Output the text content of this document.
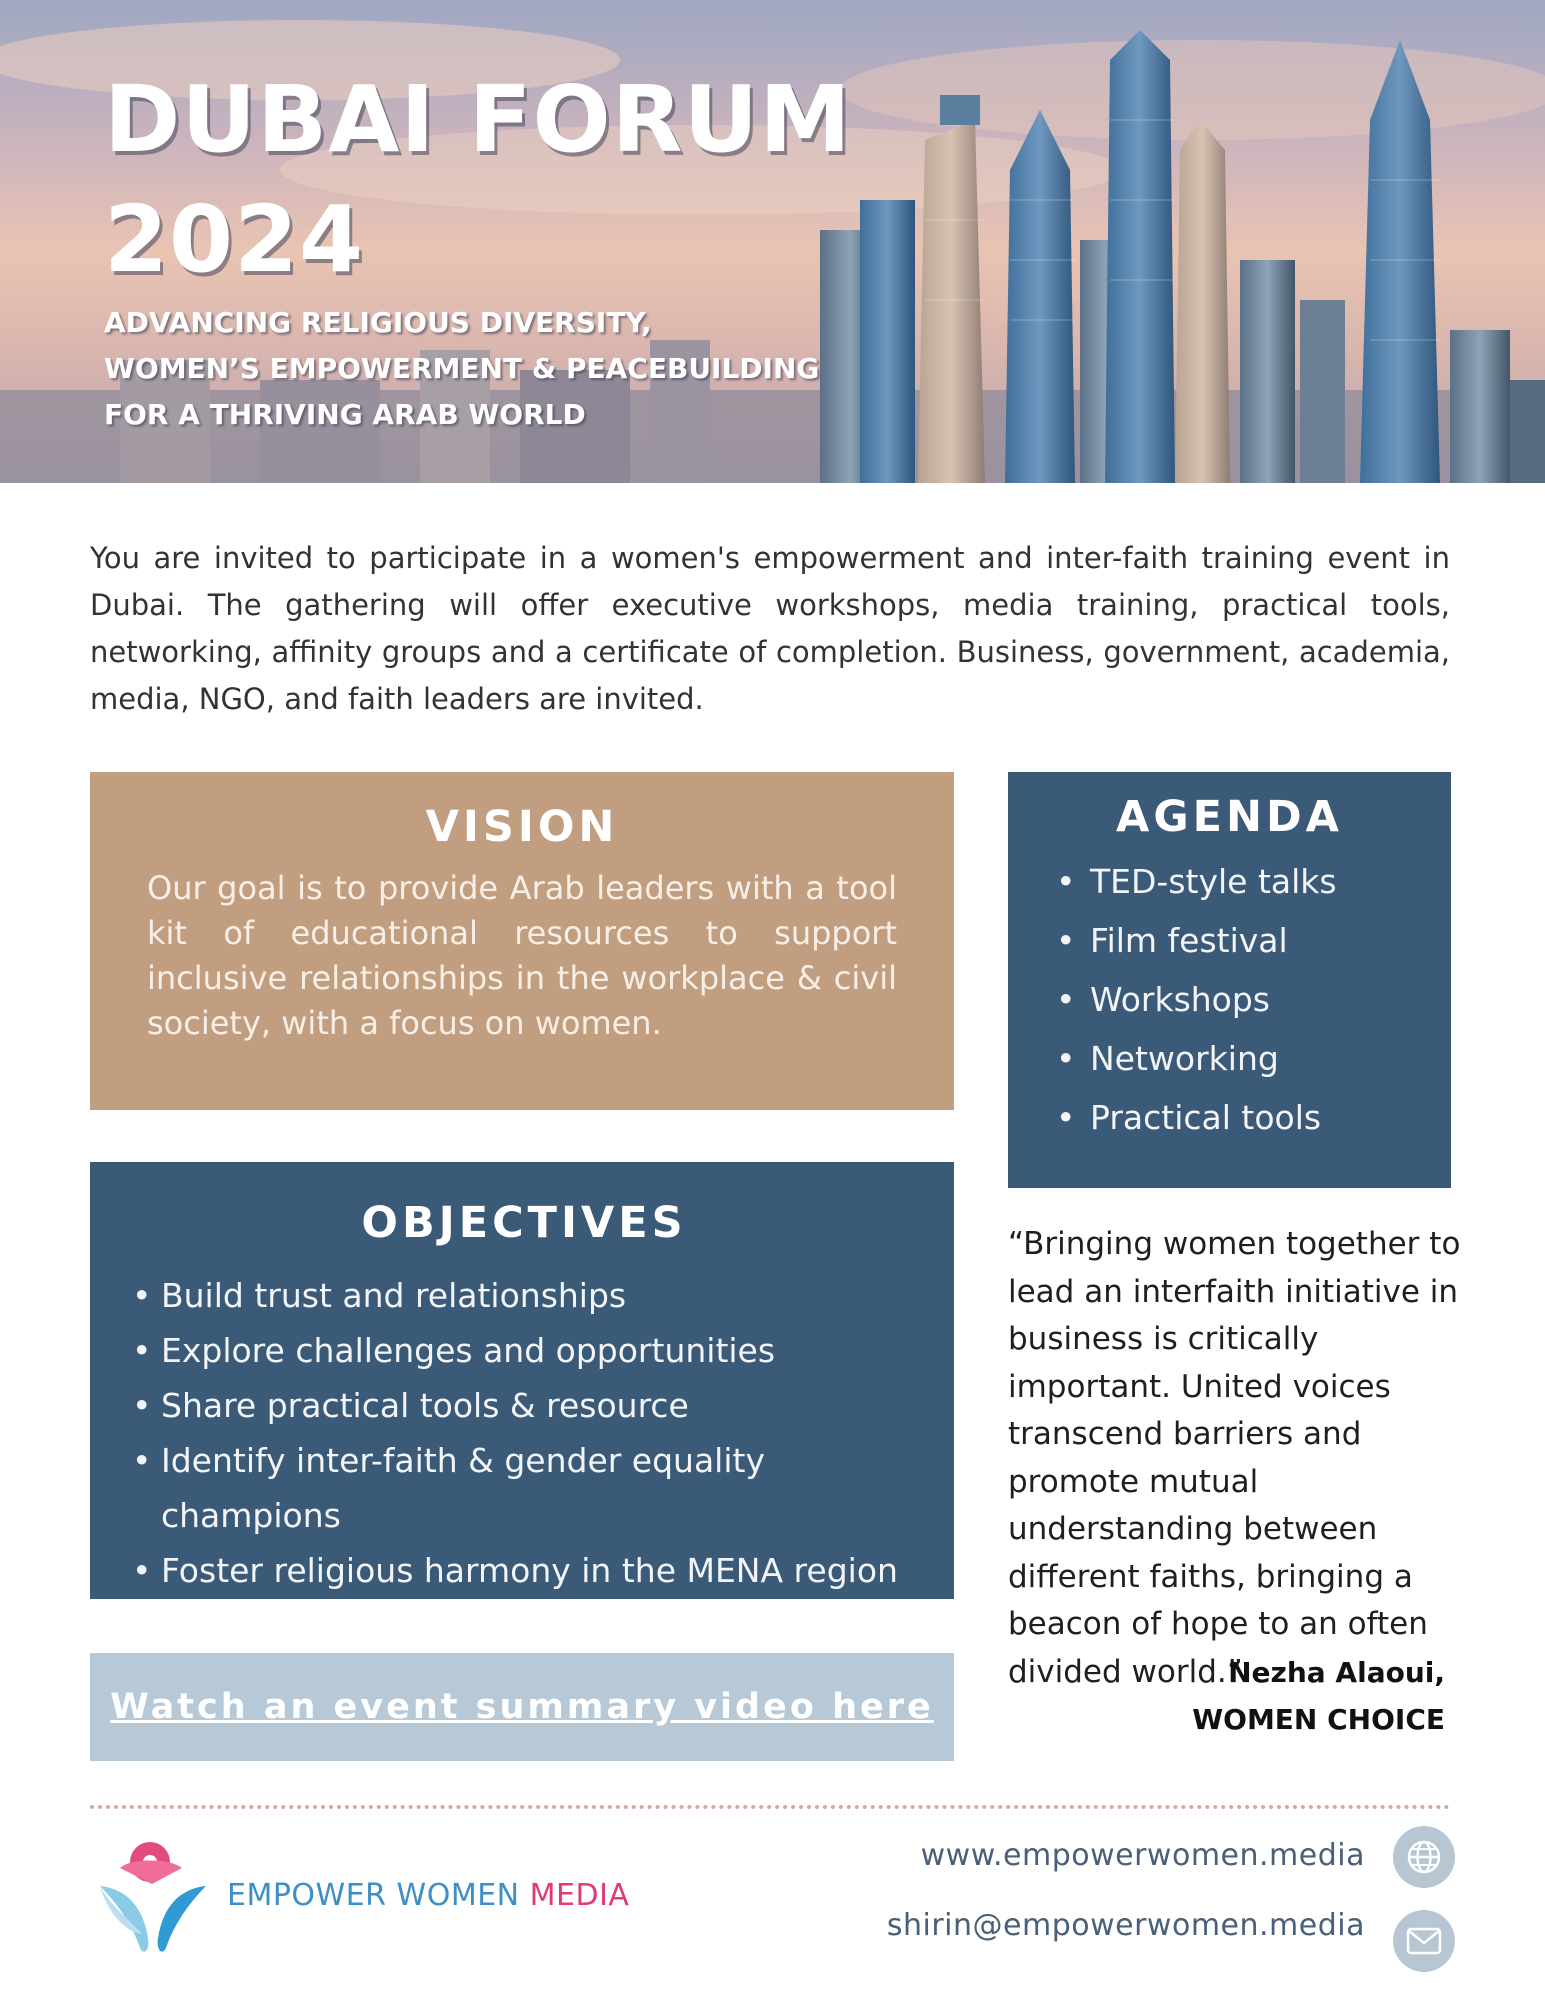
DUBAI FORUM
2024
ADVANCING RELIGIOUS DIVERSITY,
WOMEN’S EMPOWERMENT & PEACEBUILDING
FOR A THRIVING ARAB WORLD

You are invited to participate in a women's empowerment and inter-faith training event in Dubai. The gathering will offer executive workshops, media training, practical tools, networking, affinity groups and a certificate of completion. Business, government, academia, media, NGO, and faith leaders are invited.

VISION

Our goal is to provide Arab leaders with a tool kit of educational resources to support inclusive relationships in the workplace & civil society, with a focus on women.

AGENDA
• TED-style talks
• Film festival
• Workshops
• Networking
• Practical tools
OBJECTIVES
• Build trust and relationships
• Explore challenges and opportunities
• Share practical tools & resource
• Identify inter-faith & gender equality champions
• Foster religious harmony in the MENA region
Watch an event summary video here

“Bringing women together to lead an interfaith initiative in business is critically important. United voices transcend barriers and promote mutual understanding between different faiths, bringing a beacon of hope to an often divided world.”

Nezha Alaoui,
WOMEN CHOICE
EMPOWER WOMEN MEDIA
www.empowerwomen.media
shirin@empowerwomen.media
